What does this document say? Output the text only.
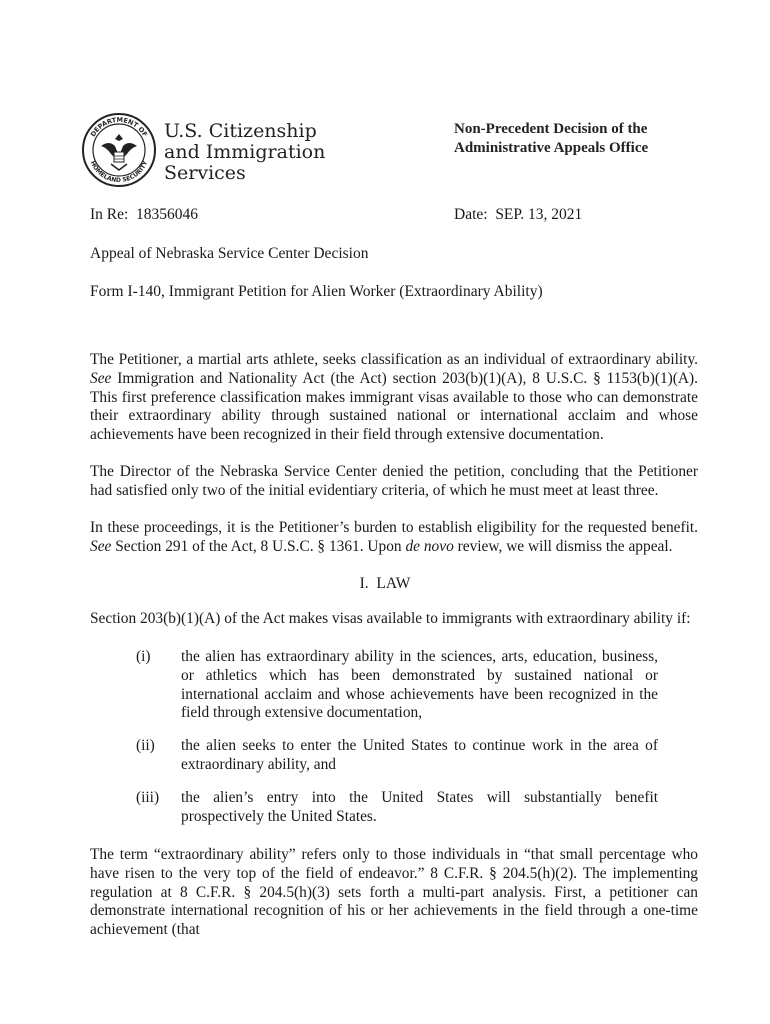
DEPARTMENT OF
HOMELAND SECURITY
U.S. Citizenship
and Immigration
Services
Non-Precedent Decision of the
Administrative Appeals Office
In Re:  18356046	Date:  SEP. 13, 2021
Appeal of Nebraska Service Center Decision
Form I-140, Immigrant Petition for Alien Worker (Extraordinary Ability)
The Petitioner, a martial arts athlete, seeks classification as an individual of extraordinary ability. See Immigration and Nationality Act (the Act) section 203(b)(1)(A), 8 U.S.C. § 1153(b)(1)(A). This first preference classification makes immigrant visas available to those who can demonstrate their extraordinary ability through sustained national or international acclaim and whose achievements have been recognized in their field through extensive documentation.
The Director of the Nebraska Service Center denied the petition, concluding that the Petitioner had satisfied only two of the initial evidentiary criteria, of which he must meet at least three.
In these proceedings, it is the Petitioner’s burden to establish eligibility for the requested benefit. See Section 291 of the Act, 8 U.S.C. § 1361. Upon de novo review, we will dismiss the appeal.
I.  LAW
Section 203(b)(1)(A) of the Act makes visas available to immigrants with extraordinary ability if:
(i) the alien has extraordinary ability in the sciences, arts, education, business, or athletics which has been demonstrated by sustained national or international acclaim and whose achievements have been recognized in the field through extensive documentation,
(ii) the alien seeks to enter the United States to continue work in the area of extraordinary ability, and
(iii) the alien’s entry into the United States will substantially benefit prospectively the United States.
The term “extraordinary ability” refers only to those individuals in “that small percentage who have risen to the very top of the field of endeavor.” 8 C.F.R. § 204.5(h)(2). The implementing regulation at 8 C.F.R. § 204.5(h)(3) sets forth a multi-part analysis. First, a petitioner can demonstrate international recognition of his or her achievements in the field through a one-time achievement (that
